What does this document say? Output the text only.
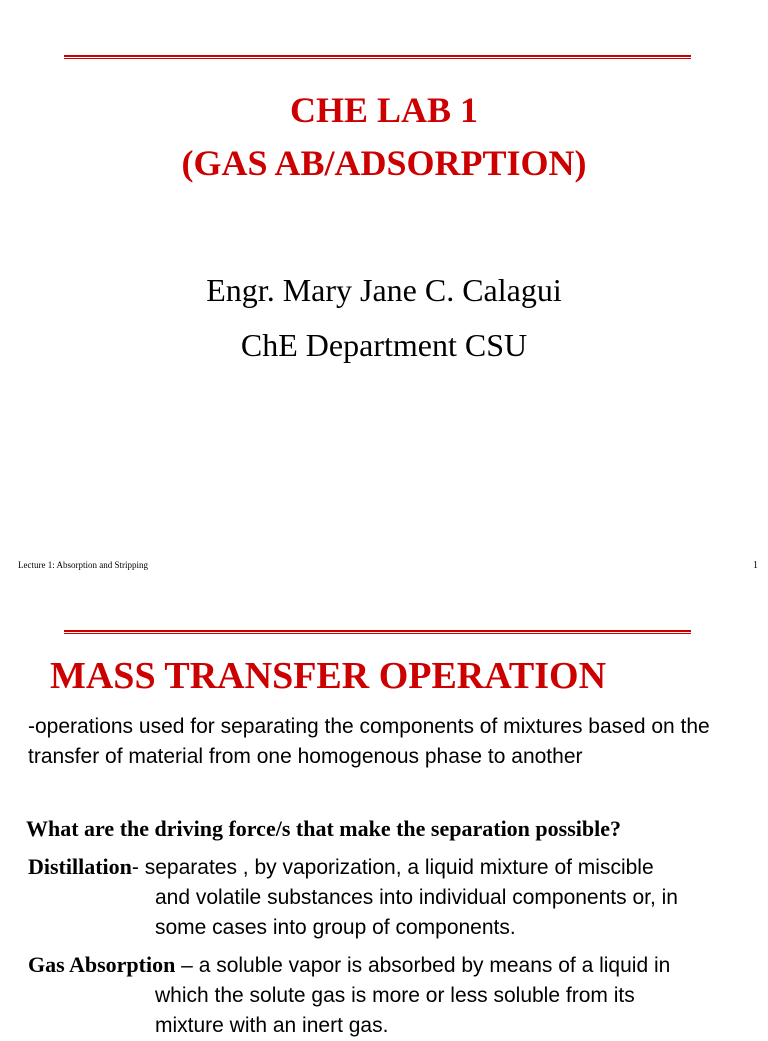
CHE LAB 1
(GAS AB/ADSORPTION)
Engr. Mary Jane C. Calagui
ChE Department CSU
Lecture 1: Absorption and Stripping	1
MASS TRANSFER OPERATION
-operations used for separating the components of mixtures based on the transfer of material from one homogenous phase to another
What are the driving force/s that make the separation possible?
Distillation- separates , by vaporization, a liquid mixture of miscible
and volatile substances into individual components or, in
some cases into group of components.
Gas Absorption – a soluble vapor is absorbed by means of a liquid in
which the solute gas is more or less soluble from its
mixture with an inert gas.
